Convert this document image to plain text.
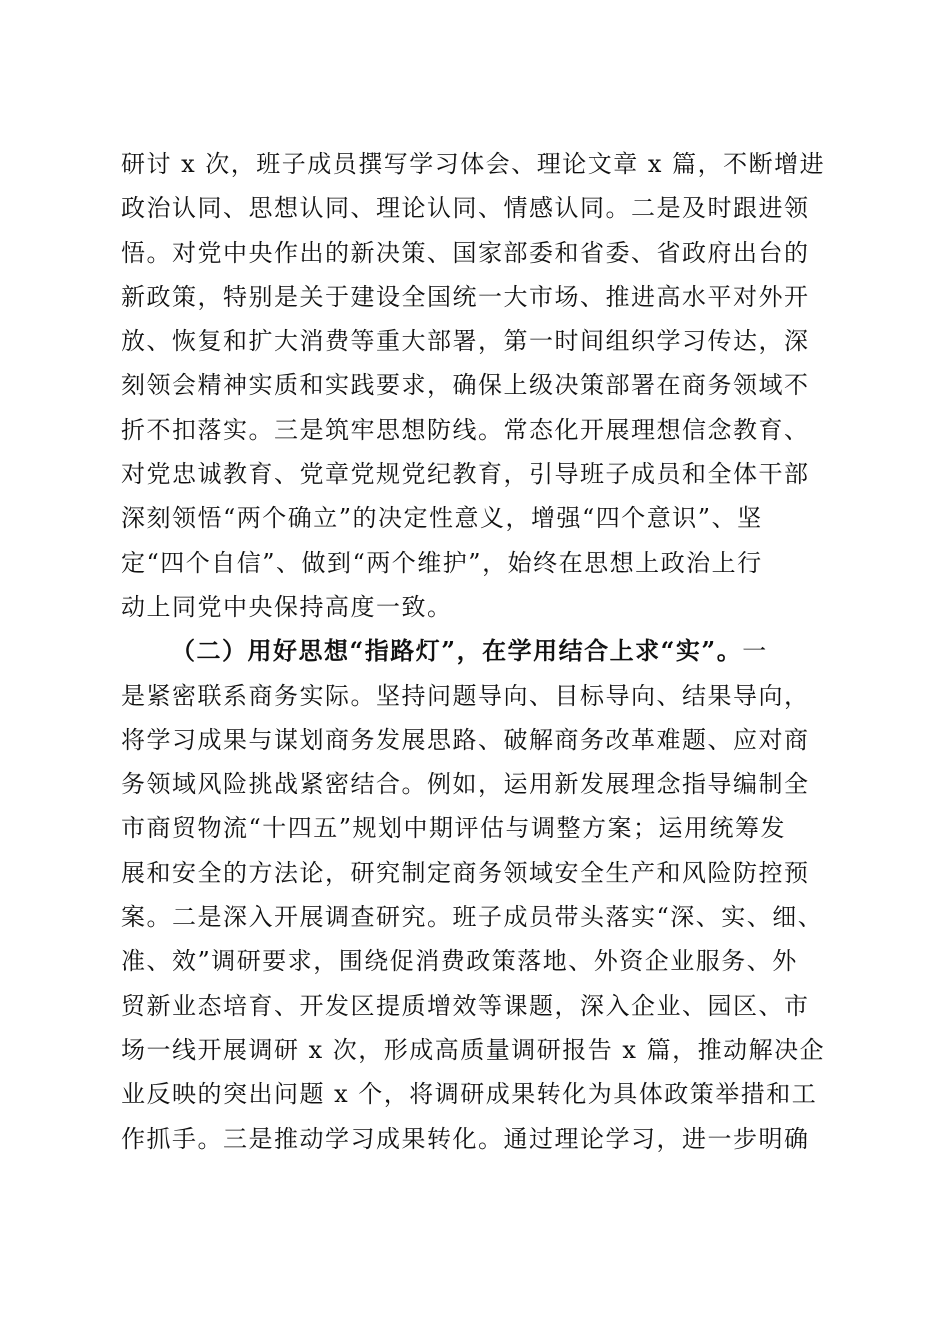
研讨 x 次，班子成员撰写学习体会、理论文章 x 篇，不断增进
政治认同、思想认同、理论认同、情感认同。二是及时跟进领
悟。对党中央作出的新决策、国家部委和省委、省政府出台的
新政策，特别是关于建设全国统一大市场、推进高水平对外开
放、恢复和扩大消费等重大部署，第一时间组织学习传达，深
刻领会精神实质和实践要求，确保上级决策部署在商务领域不
折不扣落实。三是筑牢思想防线。常态化开展理想信念教育、
对党忠诚教育、党章党规党纪教育，引导班子成员和全体干部
深刻领悟“两个确立”的决定性意义，增强“四个意识”、坚
定“四个自信”、做到“两个维护”，始终在思想上政治上行
动上同党中央保持高度一致。
（二）用好思想“指路灯”，在学用结合上求“实”。一
是紧密联系商务实际。坚持问题导向、目标导向、结果导向，
将学习成果与谋划商务发展思路、破解商务改革难题、应对商
务领域风险挑战紧密结合。例如，运用新发展理念指导编制全
市商贸物流“十四五”规划中期评估与调整方案；运用统筹发
展和安全的方法论，研究制定商务领域安全生产和风险防控预
案。二是深入开展调查研究。班子成员带头落实“深、实、细、
准、效”调研要求，围绕促消费政策落地、外资企业服务、外
贸新业态培育、开发区提质增效等课题，深入企业、园区、市
场一线开展调研 x 次，形成高质量调研报告 x 篇，推动解决企
业反映的突出问题 x 个，将调研成果转化为具体政策举措和工
作抓手。三是推动学习成果转化。通过理论学习，进一步明确
